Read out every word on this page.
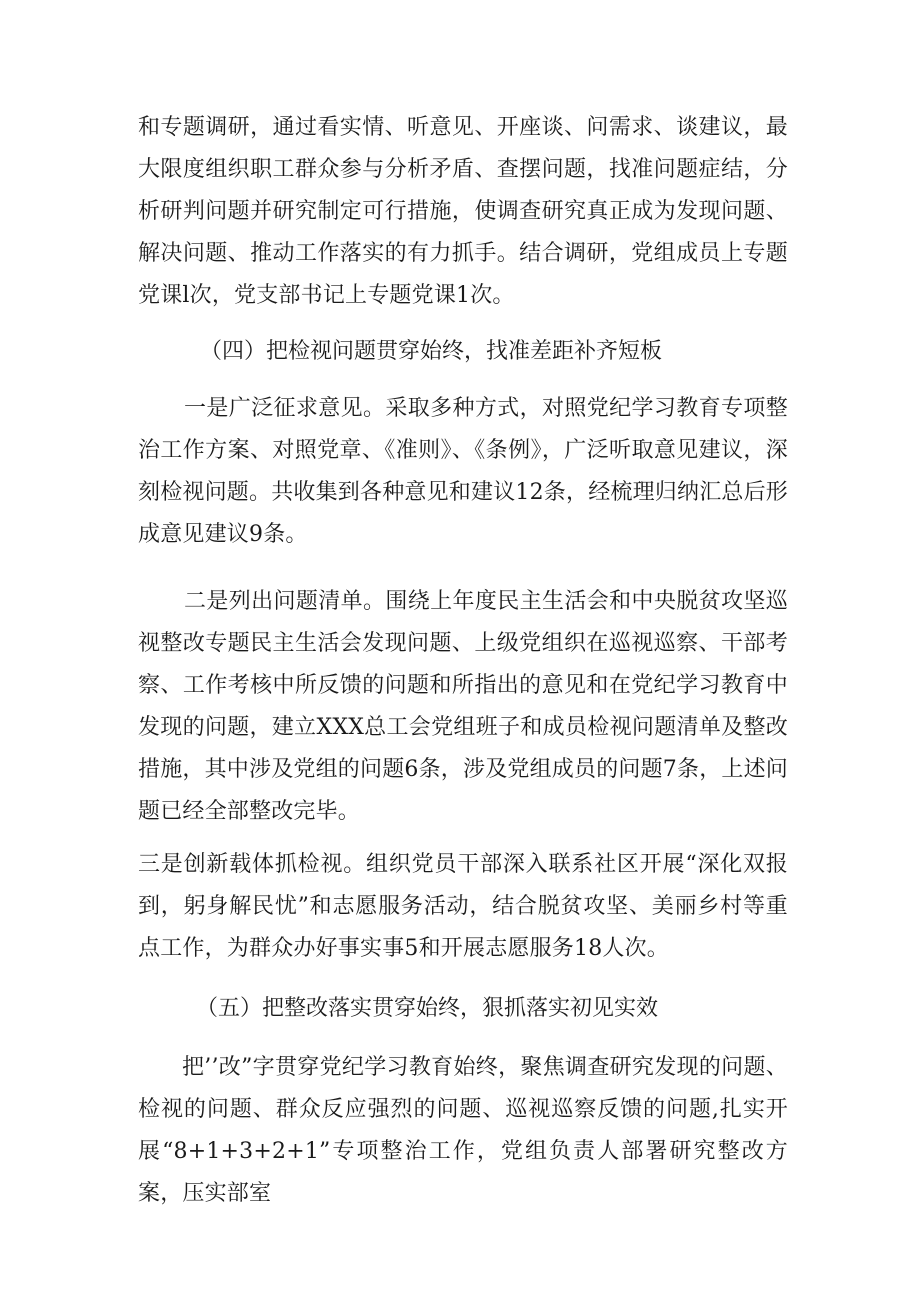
和专题调研，通过看实情、听意见、开座谈、问需求、谈建议，最大限度组织职工群众参与分析矛盾、查摆问题，找准问题症结，分析研判问题并研究制定可行措施，使调查研究真正成为发现问题、解决问题、推动工作落实的有力抓手。结合调研，党组成员上专题党课l次，党支部书记上专题党课1次。

（四）把检视问题贯穿始终，找准差距补齐短板

一是广泛征求意见。采取多种方式，对照党纪学习教育专项整治工作方案、对照党章、《准则》、《条例》，广泛听取意见建议，深刻检视问题。共收集到各种意见和建议12条，经梳理归纳汇总后形成意见建议9条。

二是列出问题清单。围绕上年度民主生活会和中央脱贫攻坚巡视整改专题民主生活会发现问题、上级党组织在巡视巡察、干部考察、工作考核中所反馈的问题和所指出的意见和在党纪学习教育中发现的问题，建立XXX总工会党组班子和成员检视问题清单及整改措施，其中涉及党组的问题6条，涉及党组成员的问题7条，上述问题已经全部整改完毕。

三是创新载体抓检视。组织党员干部深入联系社区开展“深化双报到，躬身解民忧”和志愿服务活动，结合脱贫攻坚、美丽乡村等重点工作，为群众办好事实事5和开展志愿服务18人次。

（五）把整改落实贯穿始终，狠抓落实初见实效

把’’改”字贯穿党纪学习教育始终，聚焦调查研究发现的问题、检视的问题、群众反应强烈的问题、巡视巡察反馈的问题,扎实开展“8+1+3+2+1”专项整治工作，党组负责人部署研究整改方案，压实部室
